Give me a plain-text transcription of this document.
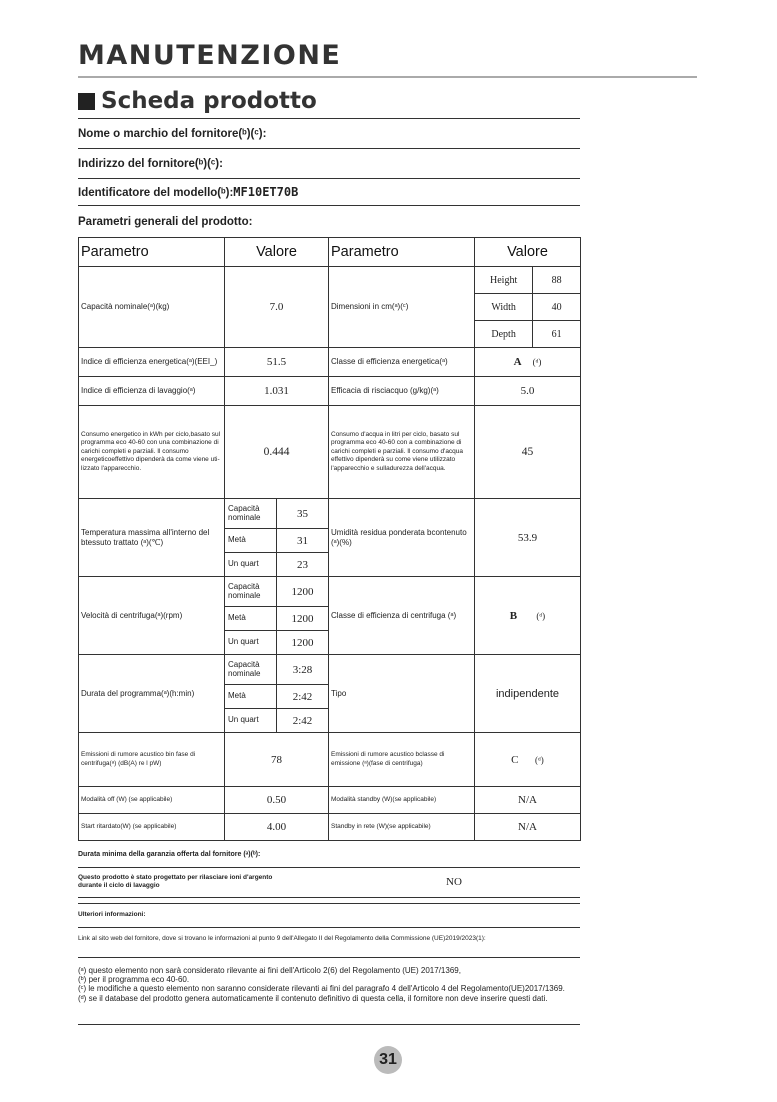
MANUTENZIONE
Scheda prodotto
Nome o marchio del fornitore(ᵇ)(ᶜ):
Indirizzo del fornitore(ᵇ)(ᶜ):
Identificatore del modello(ᵇ):MF10ET70B
Parametri generali del prodotto:
Parametro	Valore	Parametro	Valore
Capacità nominale(ᵃ)(kg)	7.0	Dimensioni in cm(ᵃ)(ᶜ)	
Height	88
Width	40
Depth	61

Indice di efficienza energetica(ᵃ)(EEI_)	51.5	Classe di efficienza energetica(ᵃ)	A (ᵈ)
Indice di efficienza di lavaggio(ᵃ)	1.031	Efficacia di risciacquo (g/kg)(ᵃ)	5.0
Consumo energetico in kWh per ciclo,basato sul programma eco 40-60 con una combinazione di carichi completi e parziali. Il consumo energeticoeffettivo dipenderà da come viene uti-lizzato l'apparecchio.	0.444	Consumo d'acqua in litri per ciclo, basato sul programma eco 40-60 con a combinazione di carichi completi e parziali. Il consumo d'acqua effettivo dipenderà su come viene utilizzato l'apparecchio e sulladurezza dell'acqua.	45
Temperatura massima all'interno del btessuto trattato (ᵃ)(℃)	Capacità nominale	35	Umidità residua ponderata bcontenuto (ᵃ)(%)	53.9
Metà	31
Un quart	23
Velocità di centrifuga(ᵃ)(rpm)	Capacità nominale	1200	Classe di efficienza di centrifuga (ᵃ)	B (ᵈ)
Metà	1200
Un quart	1200
Durata del programma(ᵃ)(h:min)	Capacità nominale	3:28	Tipo	indipendente
Metà	2:42
Un quart	2:42
Emissioni di rumore acustico bin fase di centrifuga(ᵃ) (dB(A) re l pW)	78	Emissioni di rumore acustico bclasse di emissione (ᵃ)(fase di centrifuga)	C (ᵈ)
Modalità off (W) (se applicabile)	0.50	Modalità standby (W)(se applicabile)	N/A
Start ritardato(W) (se applicabile)	4.00	Standby in rete (W)(se applicabile)	N/A
Durata minima della garanzia offerta dal fornitore (ᵃ)(ᵇ):
Questo prodotto è stato progettato per rilasciare ioni d'argento durante il ciclo di lavaggio	NO
Ulteriori informazioni:
Link al sito web del fornitore, dove si trovano le informazioni al punto 9 dell'Allegato II del Regolamento della Commissione (UE)2019/2023(1):
(ᵃ) questo elemento non sarà considerato rilevante ai fini dell'Articolo 2(6) del Regolamento (UE) 2017/1369,
(ᵇ) per il programma eco 40-60.
(ᶜ) le modifiche a questo elemento non saranno considerate rilevanti ai fini del paragrafo 4 dell'Articolo 4 del Regolamento(UE)2017/1369.
(ᵈ) se il database del prodotto genera automaticamente il contenuto definitivo di questa cella, il fornitore non deve inserire questi dati.
31
